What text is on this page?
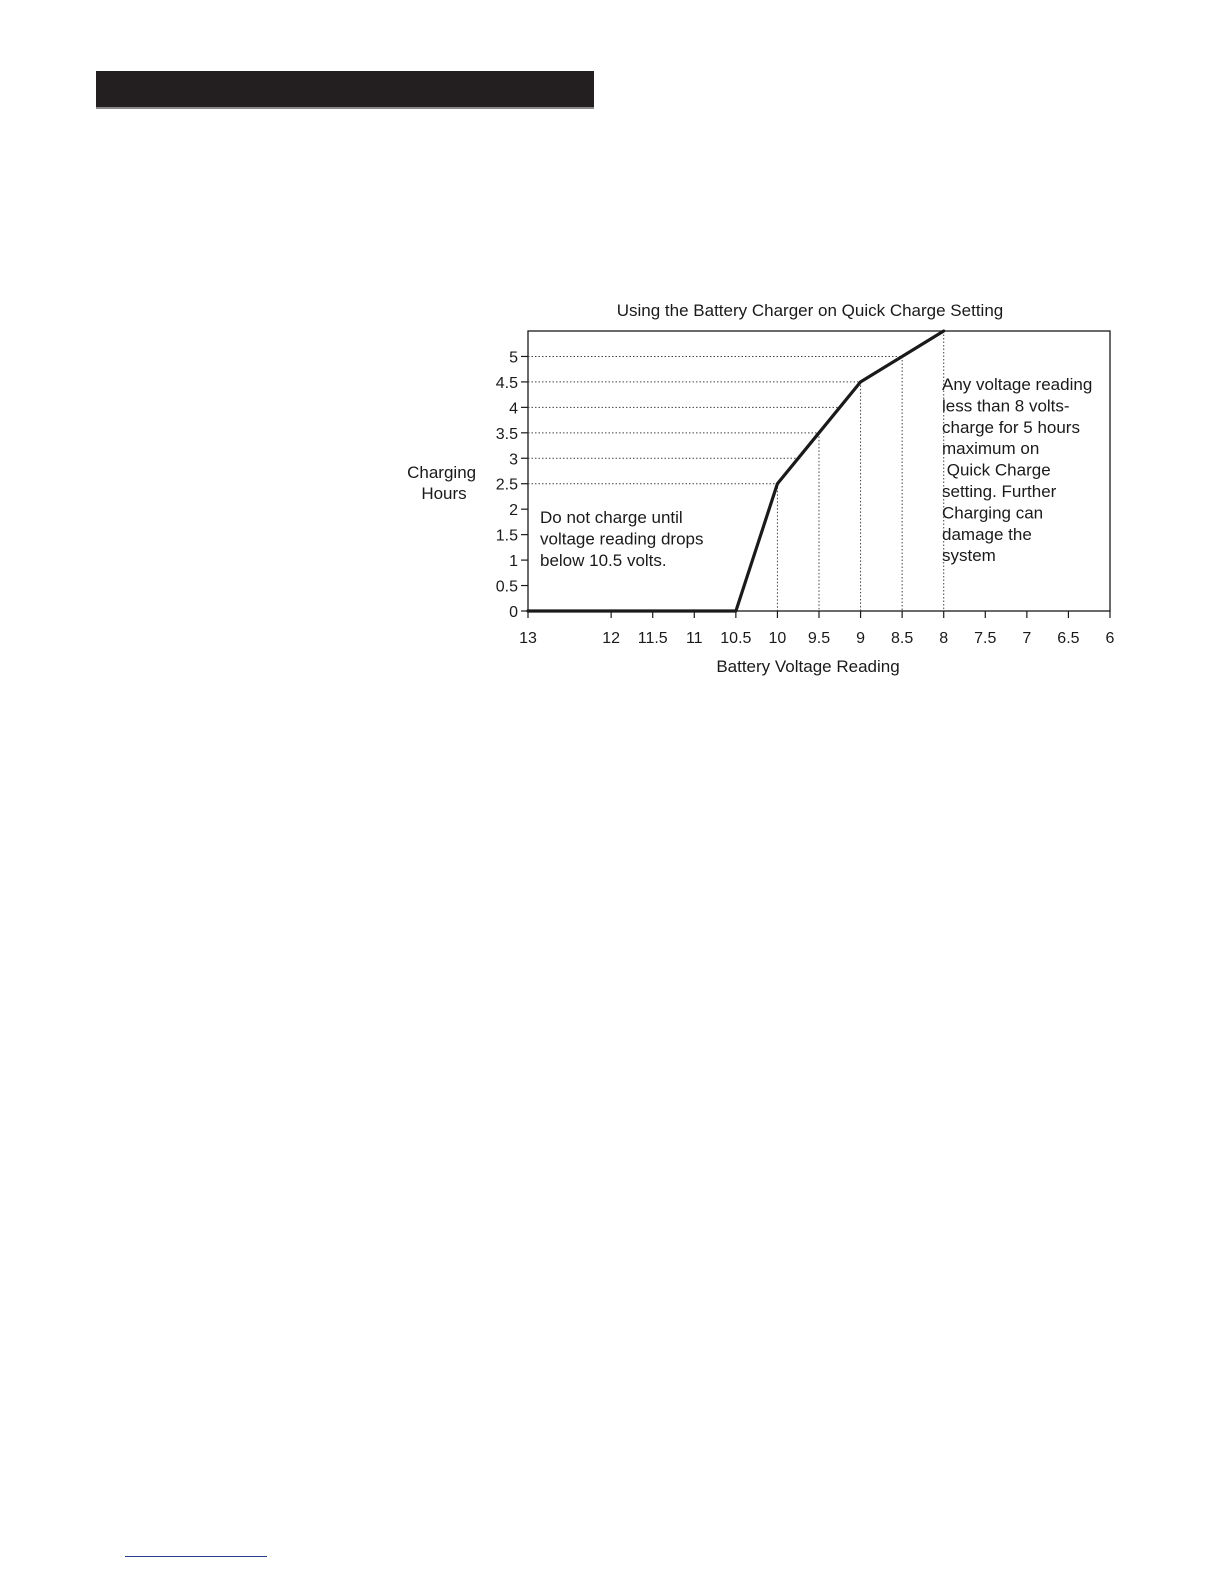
Using the Battery Charger on Quick Charge Setting
0
0.5
1
1.5
2
2.5
3
3.5
4
4.5
5
13	12 11.5 11 10.5 10 9.5 9 8.5 8 7.5 7 6.5 6
Charging Hours
Battery Voltage Reading
Do not charge until voltage reading drops below 10.5 volts.
Any voltage reading less than 8 volts-     charge for 5 hours maximum on      Quick Charge setting. Further Charging can damage the system
